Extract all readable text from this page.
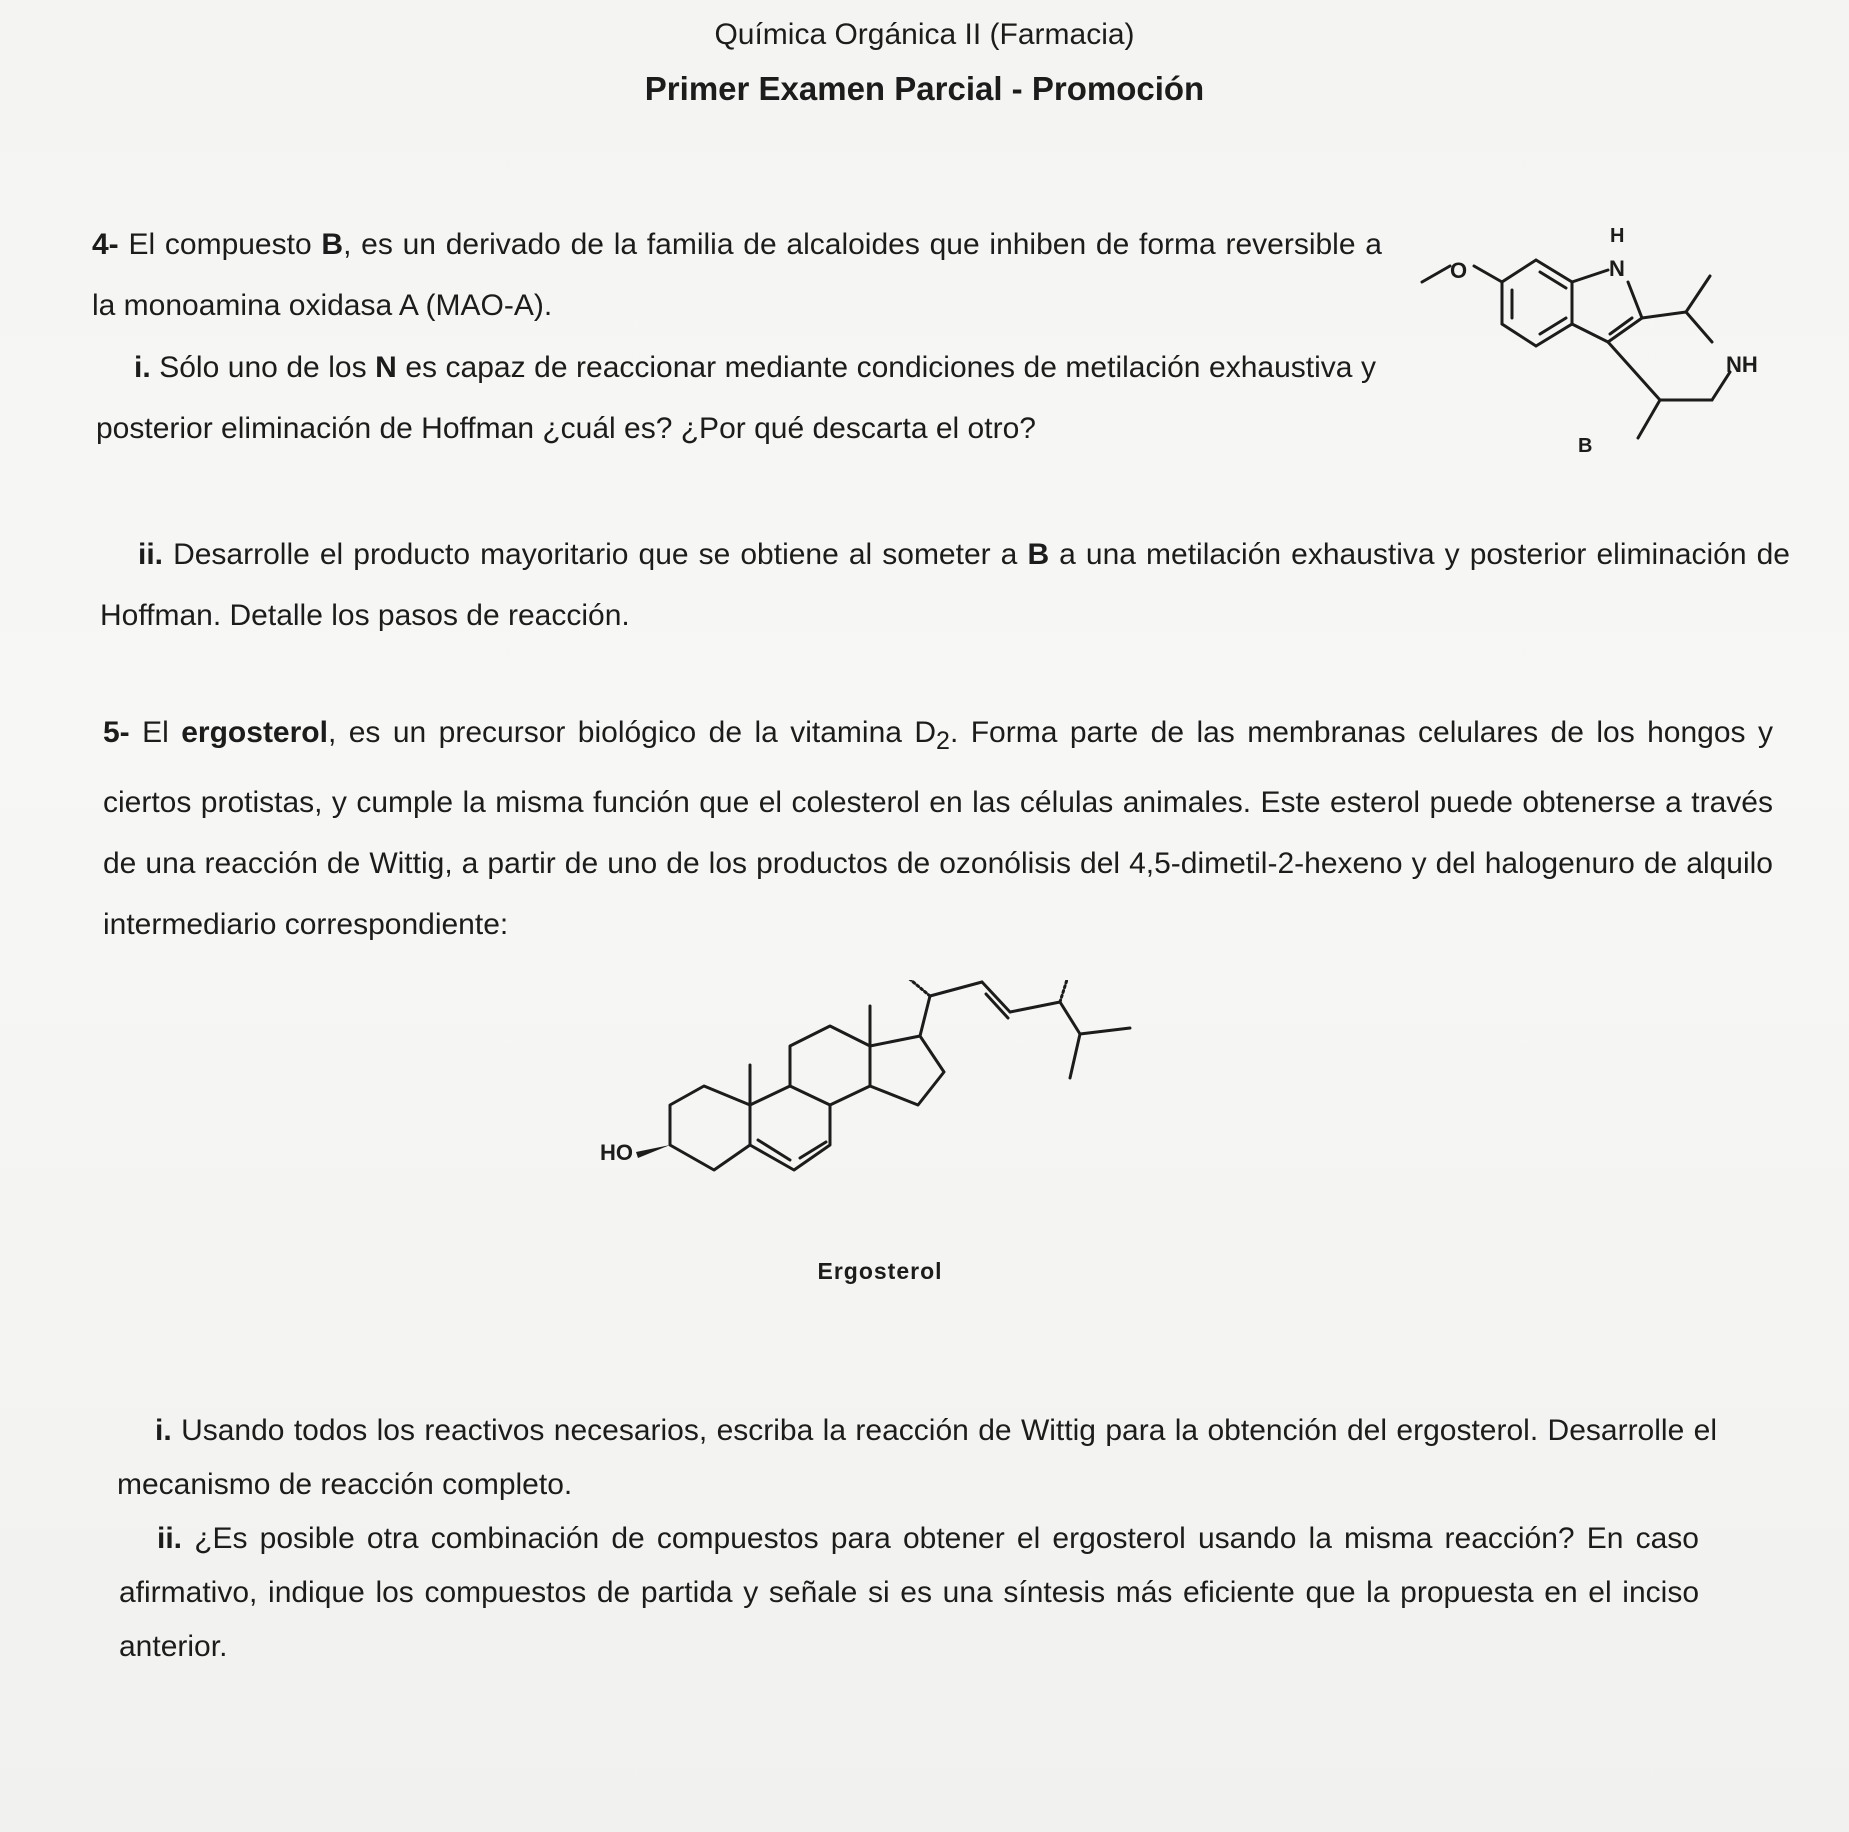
Química Orgánica II (Farmacia)
Primer Examen Parcial - Promoción

4- El compuesto B, es un derivado de la familia de alcaloides que inhiben de forma reversible a la monoamina oxidasa A (MAO-A).

i. Sólo uno de los N es capaz de reaccionar mediante condiciones de metilación exhaustiva y posterior eliminación de Hoffman ¿cuál es? ¿Por qué descarta el otro?

ii. Desarrolle el producto mayoritario que se obtiene al someter a B a una metilación exhaustiva y posterior eliminación de Hoffman. Detalle los pasos de reacción.

O
H
N
NH
B

5- El ergosterol, es un precursor biológico de la vitamina $D_2$. Forma parte de las membranas celulares de los hongos y ciertos protistas, y cumple la misma función que el colesterol en las células animales. Este esterol puede obtenerse a través de una reacción de Wittig, a partir de uno de los productos de ozonólisis del 4,5-dimetil-2-hexeno y del halogenuro de alquilo intermediario correspondiente:

HO
Ergosterol

i. Usando todos los reactivos necesarios, escriba la reacción de Wittig para la obtención del ergosterol. Desarrolle el mecanismo de reacción completo.

ii. ¿Es posible otra combinación de compuestos para obtener el ergosterol usando la misma reacción? En caso afirmativo, indique los compuestos de partida y señale si es una síntesis más eficiente que la propuesta en el inciso anterior.
